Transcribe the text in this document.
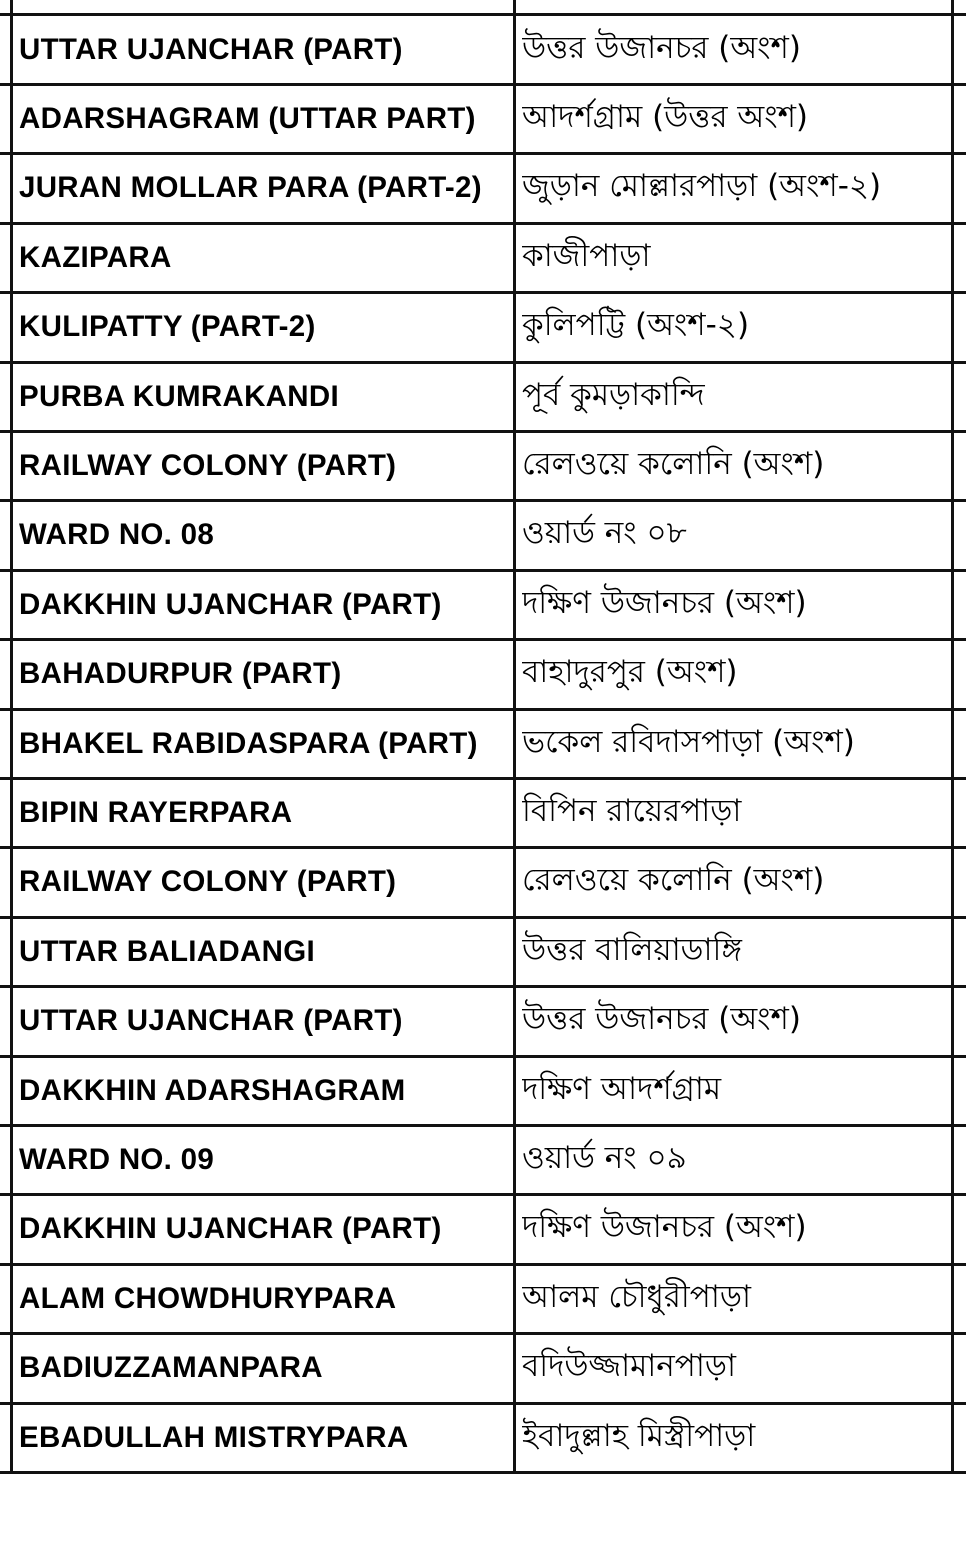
UTTAR UJANCHAR (PART)	উত্তর উজানচর (অংশ)
ADARSHAGRAM (UTTAR PART)	আদর্শগ্রাম (উত্তর অংশ)
JURAN MOLLAR PARA (PART-2)	জুড়ান মোল্লারপাড়া (অংশ-২)
KAZIPARA	কাজীপাড়া
KULIPATTY (PART-2)	কুলিপট্টি (অংশ-২)
PURBA KUMRAKANDI	পূর্ব কুমড়াকান্দি
RAILWAY COLONY (PART)	রেলওয়ে কলোনি (অংশ)
WARD NO. 08	ওয়ার্ড নং ০৮
DAKKHIN UJANCHAR (PART)	দক্ষিণ উজানচর (অংশ)
BAHADURPUR (PART)	বাহাদুরপুর (অংশ)
BHAKEL RABIDASPARA (PART)	ভকেল রবিদাসপাড়া (অংশ)
BIPIN RAYERPARA	বিপিন রায়েরপাড়া
RAILWAY COLONY (PART)	রেলওয়ে কলোনি (অংশ)
UTTAR BALIADANGI	উত্তর বালিয়াডাঙ্গি
UTTAR UJANCHAR (PART)	উত্তর উজানচর (অংশ)
DAKKHIN ADARSHAGRAM	দক্ষিণ আদর্শগ্রাম
WARD NO. 09	ওয়ার্ড নং ০৯
DAKKHIN UJANCHAR (PART)	দক্ষিণ উজানচর (অংশ)
ALAM CHOWDHURYPARA	আলম চৌধুরীপাড়া
BADIUZZAMANPARA	বদিউজ্জামানপাড়া
EBADULLAH MISTRYPARA	ইবাদুল্লাহ মিস্ত্রীপাড়া
